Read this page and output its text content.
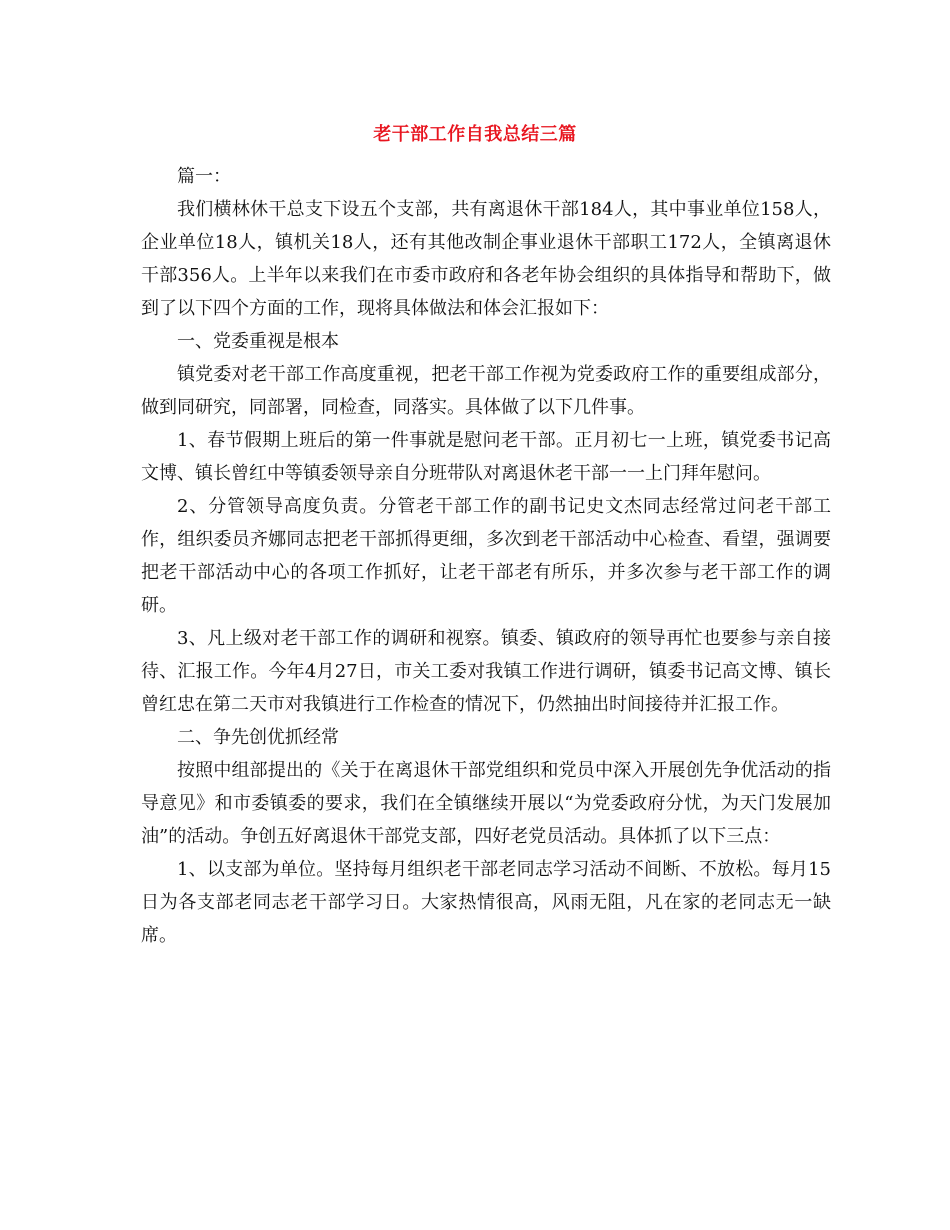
老干部工作自我总结三篇

篇一：

我们横林休干总支下设五个支部，共有离退休干部184人，其中事业单位158人，企业单位18人，镇机关18人，还有其他改制企事业退休干部职工172人，全镇离退休干部356人。上半年以来我们在市委市政府和各老年协会组织的具体指导和帮助下，做到了以下四个方面的工作，现将具体做法和体会汇报如下：

一、党委重视是根本

镇党委对老干部工作高度重视，把老干部工作视为党委政府工作的重要组成部分，做到同研究，同部署，同检查，同落实。具体做了以下几件事。

1、春节假期上班后的第一件事就是慰问老干部。正月初七一上班，镇党委书记高文博、镇长曾红中等镇委领导亲自分班带队对离退休老干部一一上门拜年慰问。

2、分管领导高度负责。分管老干部工作的副书记史文杰同志经常过问老干部工作，组织委员齐娜同志把老干部抓得更细，多次到老干部活动中心检查、看望，强调要把老干部活动中心的各项工作抓好，让老干部老有所乐，并多次参与老干部工作的调研。

3、凡上级对老干部工作的调研和视察。镇委、镇政府的领导再忙也要参与亲自接待、汇报工作。今年4月27日，市关工委对我镇工作进行调研，镇委书记高文博、镇长曾红忠在第二天市对我镇进行工作检查的情况下，仍然抽出时间接待并汇报工作。

二、争先创优抓经常

按照中组部提出的《关于在离退休干部党组织和党员中深入开展创先争优活动的指导意见》和市委镇委的要求，我们在全镇继续开展以“为党委政府分忧，为天门发展加油”的活动。争创五好离退休干部党支部，四好老党员活动。具体抓了以下三点：

1、以支部为单位。坚持每月组织老干部老同志学习活动不间断、不放松。每月15日为各支部老同志老干部学习日。大家热情很高，风雨无阻，凡在家的老同志无一缺席。
